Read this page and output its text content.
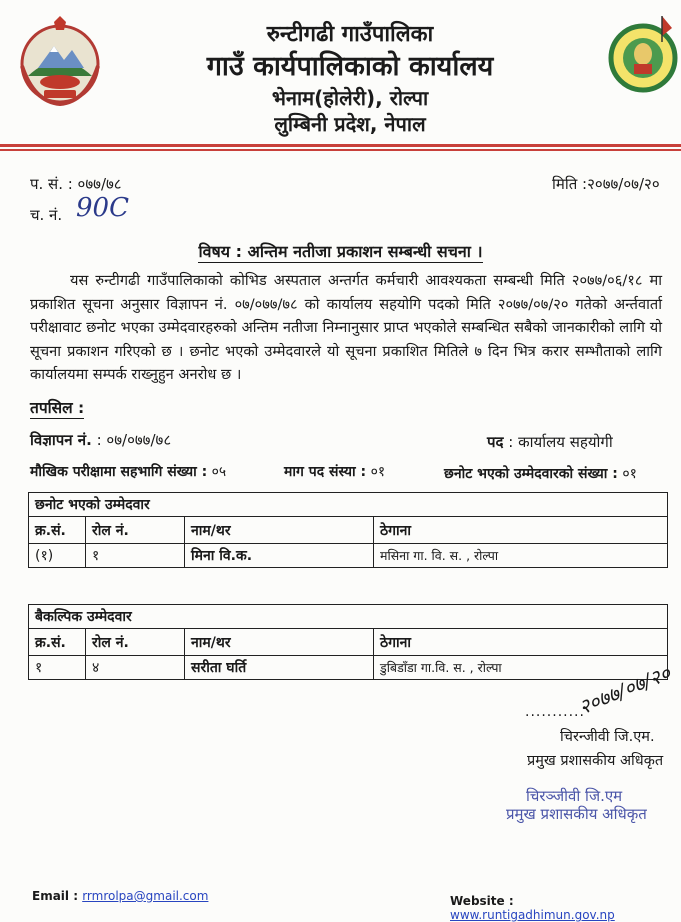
रुन्टीगढी गाउँपालिका
गाउँ कार्यपालिकाको कार्यालय
भेनाम(होलेरी), रोल्पा
लुम्बिनी प्रदेश, नेपाल
प. सं. : ०७७/७८	मिति :२०७७/०७/२०
च. नं. 90C
विषय : अन्तिम नतीजा प्रकाशन सम्बन्धी सचना ।
यस रुन्टीगढी गाउँपालिकाको कोभिड अस्पताल अन्तर्गत कर्मचारी आवश्यकता सम्बन्धी मिति २०७७/०६/१८ मा प्रकाशित सूचना अनुसार विज्ञापन नं. ०७/०७७/७८ को कार्यालय सहयोगि पदको मिति २०७७/०७/२० गतेको अर्न्तवार्ता परीक्षावाट छनोट भएका उम्मेदवारहरुको अन्तिम नतीजा निम्नानुसार प्राप्त भएकोले सम्बन्धित सबैको जानकारीको लागि यो सूचना प्रकाशन गरिएको छ । छनोट भएको उम्मेदवारले यो सूचना प्रकाशित मितिले ७ दिन भित्र करार सम्भौताको लागि कार्यालयमा सम्पर्क राख्नुहुन अनरोध छ ।
तपसिल :
विज्ञापन नं. : ०७/०७७/७८	पद : कार्यालय सहयोगी
मौखिक परीक्षामा सहभागि संख्या : ०५	माग पद संस्या : ०१	छनोट भएको उम्मेदवारको संख्या : ०१
छनोट भएको उम्मेदवार			
क्र.सं.	रोल नं.	नाम/थर	ठेगाना
(१)	१	मिना वि.क.	मसिना गा. वि. स. , रोल्पा
बैकल्पिक उम्मेदवार			
क्र.सं.	रोल नं.	नाम/थर	ठेगाना
१	४	सरीता घर्ति	डुबिडाँडा गा.वि. स. , रोल्पा
...........
२०७७/०७/२०
चिरन्जीवी जि.एम.
प्रमुख प्रशासकीय अधिकृत
चिरञ्जीवी जि.एम
प्रमुख प्रशासकीय अधिकृत
Email : rrmrolpa@gmail.com	Website : www.runtigadhimun.gov.np
